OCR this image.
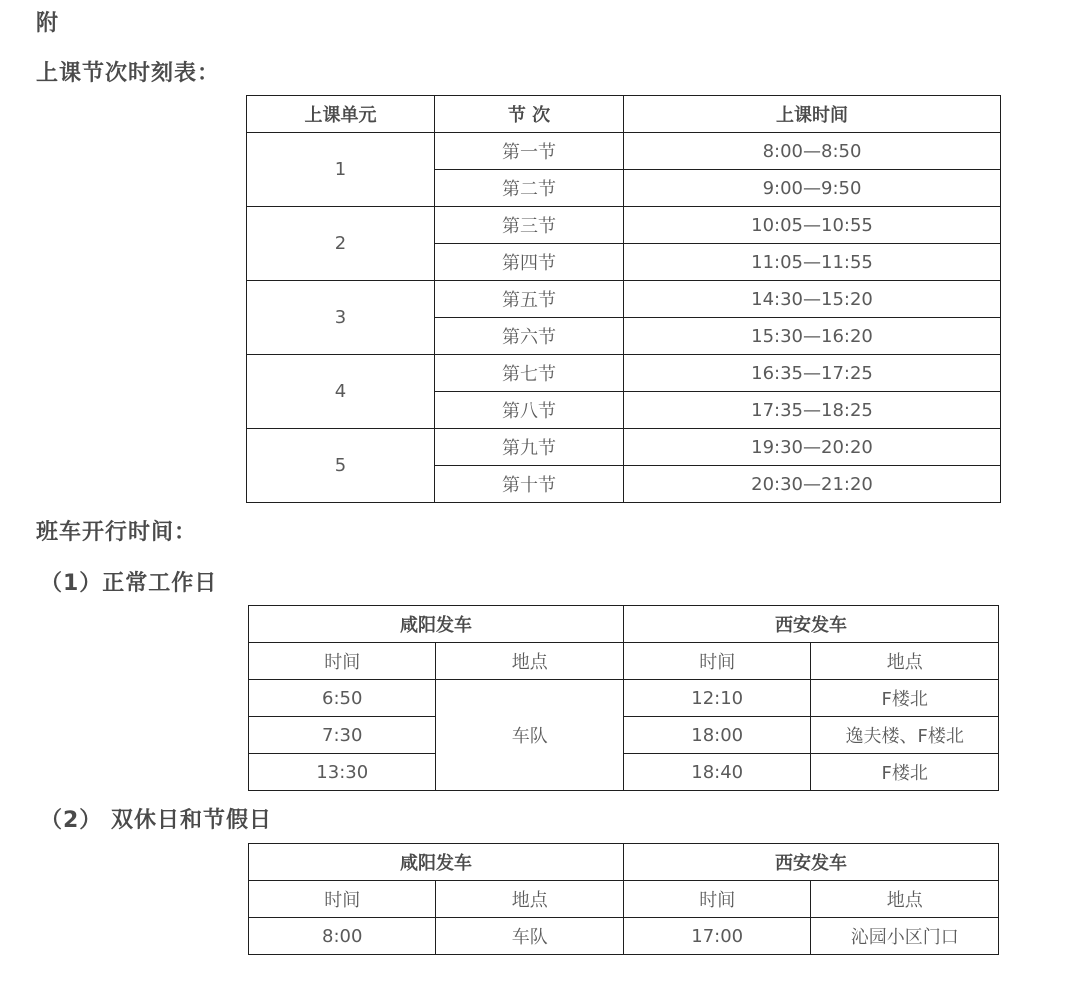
附
上课节次时刻表：
上课单元	节 次	上课时间
1	第一节	8:00—8:50
	第二节	9:00—9:50
2	第三节	10:05—10:55
	第四节	11:05—11:55
3	第五节	14:30—15:20
	第六节	15:30—16:20
4	第七节	16:35—17:25
	第八节	17:35—18:25
5	第九节	19:30—20:20
	第十节	20:30—21:20
班车开行时间：
（1）正常工作日
咸阳发车		西安发车	
时间	地点	时间	地点
6:50	车队	12:10	F楼北
7:30		18:00	逸夫楼、F楼北
13:30		18:40	F楼北
（2） 双休日和节假日
咸阳发车		西安发车	
时间	地点	时间	地点
8:00	车队	17:00	沁园小区门口
